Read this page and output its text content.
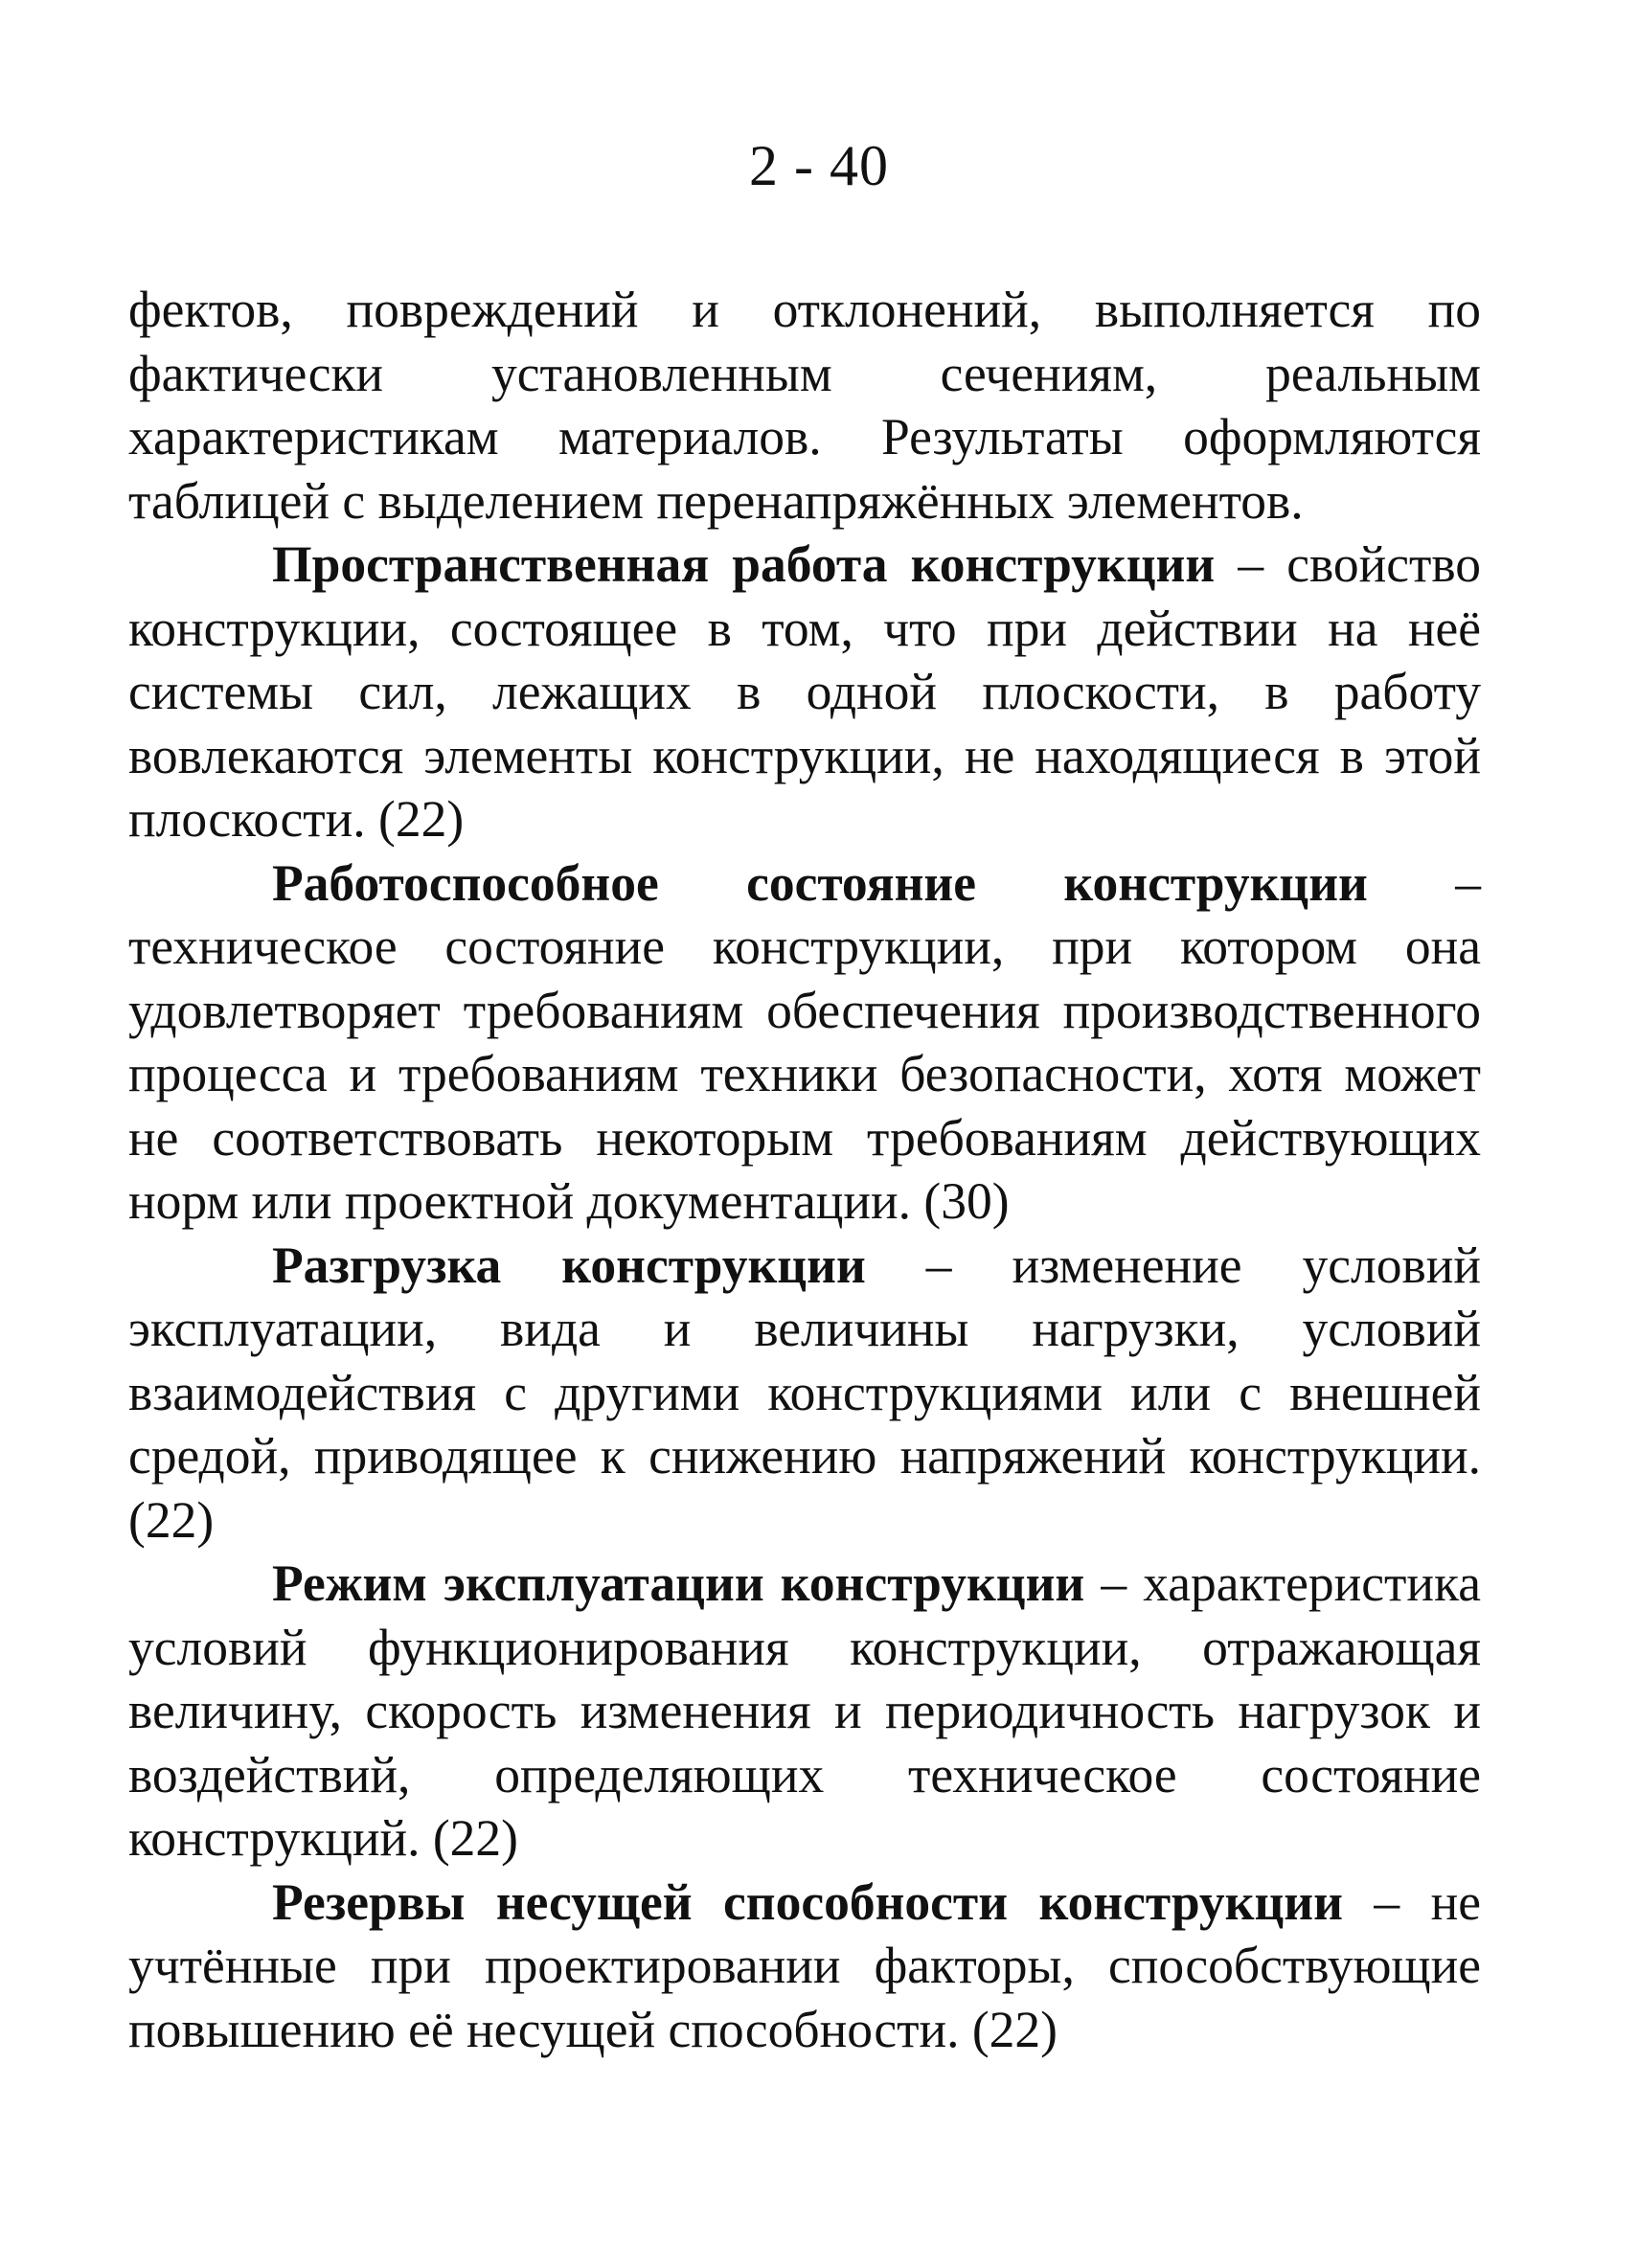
2 - 40

фектов, повреждений и отклонений, выполняется по фактически установленным сечениям, реальным характеристикам материалов. Результаты оформляются таблицей с выделением перенапряжённых элементов.

Пространственная работа конструкции – свойство конструкции, состоящее в том, что при действии на неё системы сил, лежащих в одной плоскости, в работу вовлекаются элементы конструкции, не находящиеся в этой плоскости. (22)

Работоспособное состояние конструкции – техническое состояние конструкции, при котором она удовлетворяет требованиям обеспечения производственного процесса и требованиям техники безопасности, хотя может не соответствовать некоторым требованиям действующих норм или проектной документации. (30)

Разгрузка конструкции – изменение условий эксплуатации, вида и величины нагрузки, условий взаимодействия с другими конструкциями или с внешней средой, приводящее к снижению напряжений конструкции. (22)

Режим эксплуатации конструкции – характеристика условий функционирования конструкции, отражающая величину, скорость изменения и периодичность нагрузок и воздействий, определяющих техническое состояние конструкций. (22)

Резервы несущей способности конструкции – не учтённые при проектировании факторы, способствующие повышению её несущей способности. (22)
